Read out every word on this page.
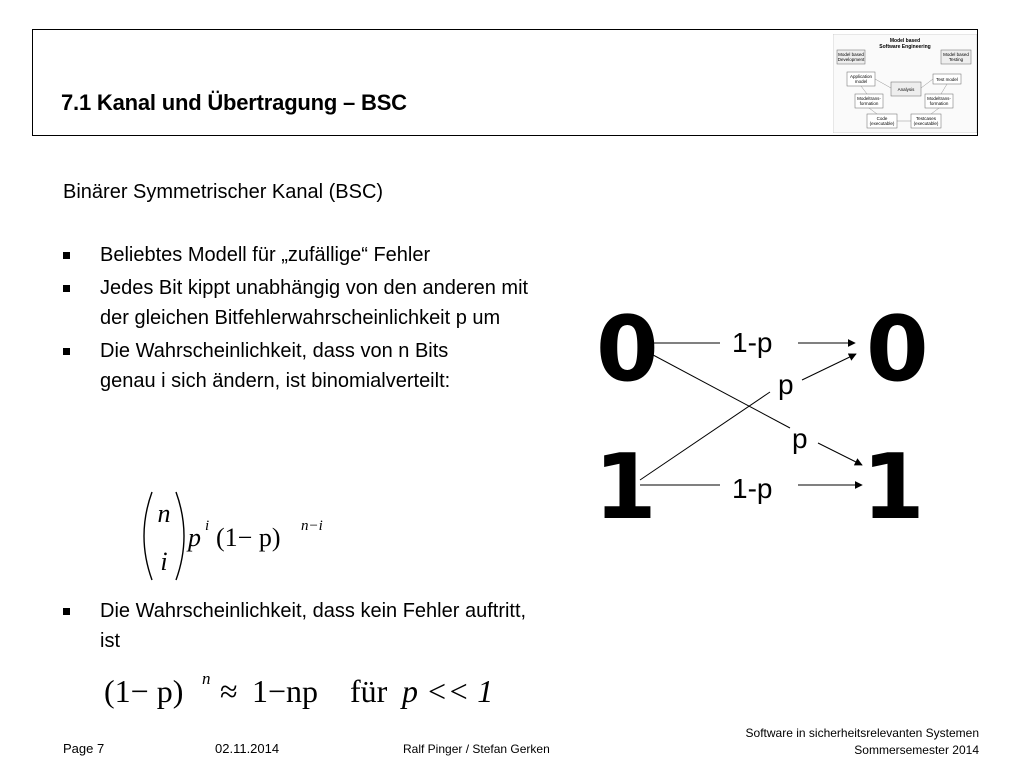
7.1 Kanal und Übertragung – BSC
Model based
Software Engineering
Model based
Development
Model based
Testing
Application
model	Test model
Analysis
Modeltrans-
formation
Modeltrans-
formation
Code
(executable)
Testcases
(executable)
Binärer Symmetrischer Kanal (BSC)
Beliebtes Modell für „zufällige“ Fehler
Jedes Bit kippt unabhängig von den anderen mit der gleichen Bitfehlerwahrscheinlichkeit p um
Die Wahrscheinlichkeit, dass von n Bits genau i sich ändern, ist binomialverteilt:
n
i
p i (1− p) n−i
Die Wahrscheinlichkeit, dass kein Fehler auftritt, ist
(1− p) n ≈ 1−np für p << 1
0
1
0
1
1-p
p
p
1-p
Page 7	02.11.2014	Ralf Pinger / Stefan Gerken
Software in sicherheitsrelevanten Systemen
Sommersemester 2014
